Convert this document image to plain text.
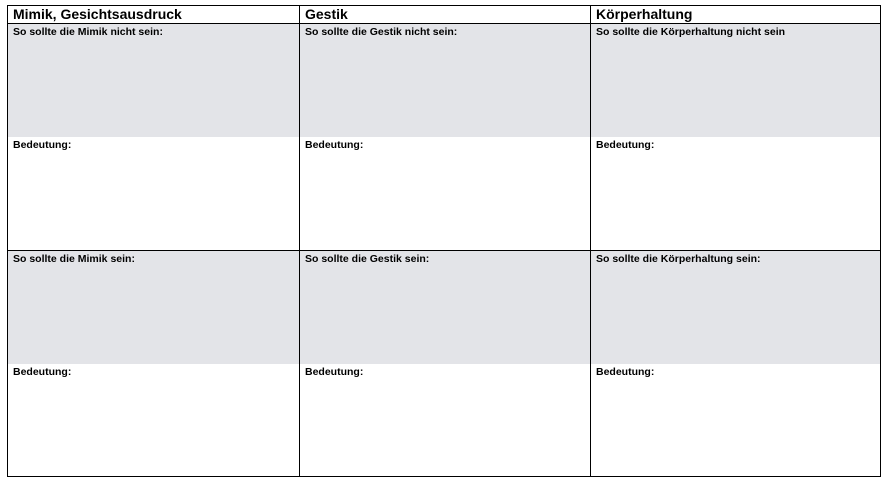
Mimik, Gesichtsausdruck	Gestik	Körperhaltung
So sollte die Mimik nicht sein:	So sollte die Gestik nicht sein:	So sollte die Körperhaltung nicht sein
Bedeutung:	Bedeutung:	Bedeutung:
So sollte die Mimik sein:	So sollte die Gestik sein:	So sollte die Körperhaltung sein:
Bedeutung:	Bedeutung:	Bedeutung:
